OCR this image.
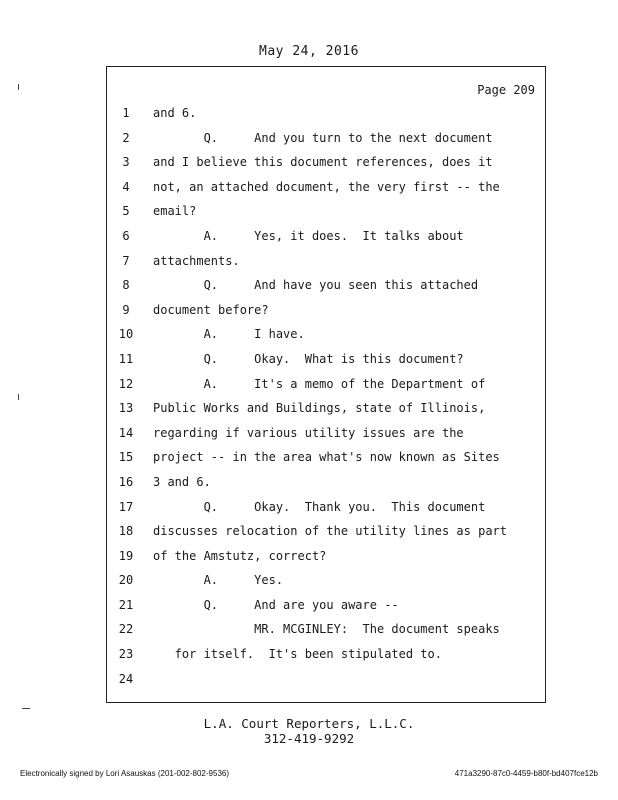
May 24, 2016
Page 209
1	and 6.
2	Q.     And you turn to the next document
3	and I believe this document references, does it
4	not, an attached document, the very first -- the
5	email?
6	A.     Yes, it does.  It talks about
7	attachments.
8	Q.     And have you seen this attached
9	document before?
10	A.     I have.
11	Q.     Okay.  What is this document?
12	A.     It's a memo of the Department of
13	Public Works and Buildings, state of Illinois,
14	regarding if various utility issues are the
15	project -- in the area what's now known as Sites
16	3 and 6.
17	Q.     Okay.  Thank you.  This document
18	discusses relocation of the utility lines as part
19	of the Amstutz, correct?
20	A.     Yes.
21	Q.     And are you aware --
22	MR. MCGINLEY:  The document speaks
23	for itself.  It's been stipulated to.
24
L.A. Court Reporters, L.L.C.
312-419-9292
Electronically signed by Lori Asauskas (201-002-802-9536)	471a3290-87c0-4459-b80f-bd407fce12b
